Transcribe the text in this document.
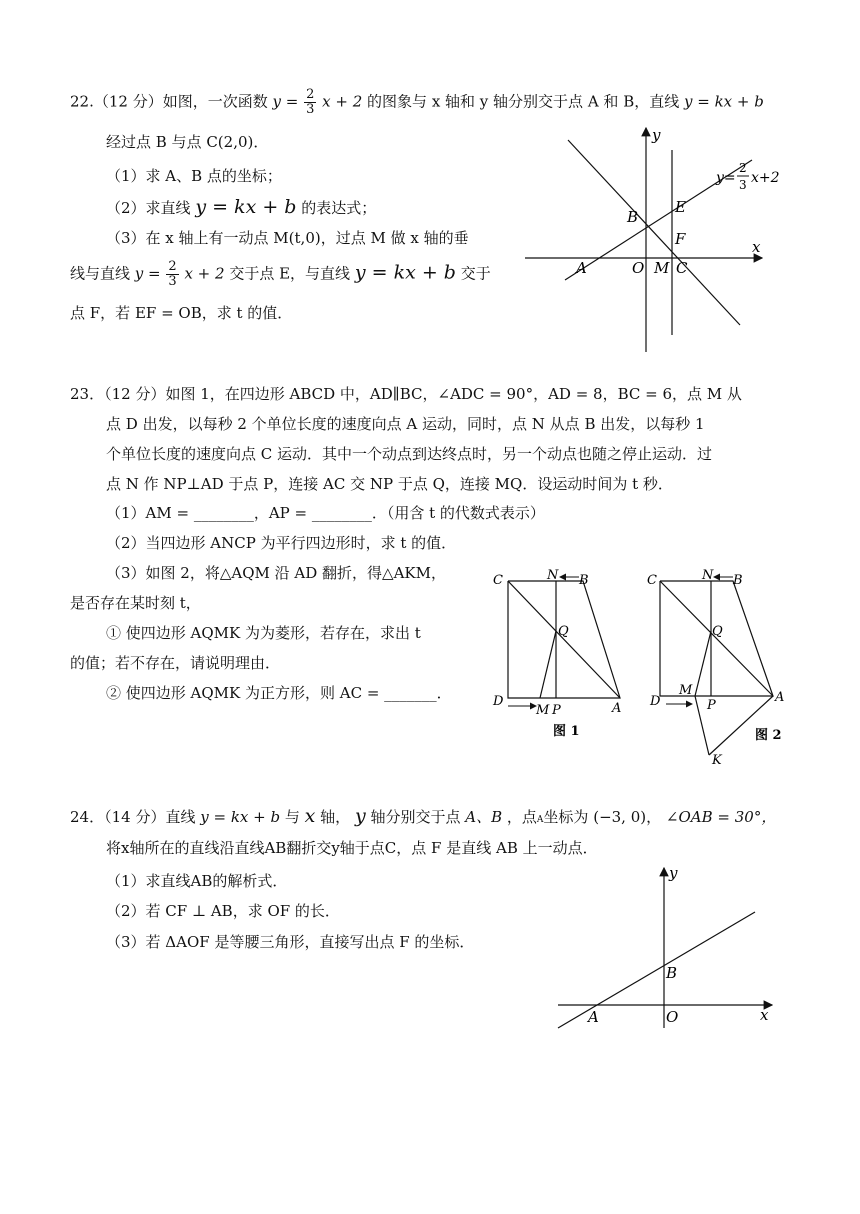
22.（12 分）如图，一次函数 $y = \frac{2}{3}$ x + 2 的图象与 x 轴和 y 轴分别交于点 A 和 B，直线 y = kx + b
经过点 B 与点 C(2,0)．
（1）求 A、B 点的坐标；
（2）求直线 y = kx + b 的表达式；
（3）在 x 轴上有一动点 M(t,0)，过点 M 做 x 轴的垂
线与直线 $y = \frac{2}{3}$ x + 2 交于点 E，与直线 y = kx + b 交于
点 F，若 EF = OB，求 t 的值．
y
x
B
E
F
A	O M C
y=
2
3 x+2
23．（12 分）如图 1，在四边形 ABCD 中，AD∥BC，∠ADC = 90°，AD = 8，BC = 6，点 M 从
点 D 出发，以每秒 2 个单位长度的速度向点 A 运动，同时，点 N 从点 B 出发，以每秒 1
个单位长度的速度向点 C 运动．其中一个动点到达终点时，另一个动点也随之停止运动．过
点 N 作 NP⊥AD 于点 P，连接 AC 交 NP 于点 Q，连接 MQ．设运动时间为 t 秒．
（1）AM = ________，AP = ________．（用含 t 的代数式表示）
（2）当四边形 ANCP 为平行四边形时，求 t 的值．
（3）如图 2，将△AQM 沿 AD 翻折，得△AKM，
是否存在某时刻 t，
① 使四边形 AQMK 为为菱形，若存在，求出 t
的值；若不存在，请说明理由．
② 使四边形 AQMK 为正方形，则 AC = _______．
C	N B
Q
D
M P	A
图 1
C	N B
Q
M
D	P
A
K
图 2
24．（14 分）直线 y = kx + b 与 x 轴， y 轴分别交于点 A、B ，点A坐标为 (−3, 0)， ∠OAB = 30°，
将x轴所在的直线沿直线AB翻折交y轴于点C，点 F 是直线 AB 上一动点．
（1）求直线AB的解析式．
（2）若 CF ⊥ AB，求 OF 的长．
（3）若 ΔAOF 是等腰三角形，直接写出点 F 的坐标．
y
B
A	O	x
